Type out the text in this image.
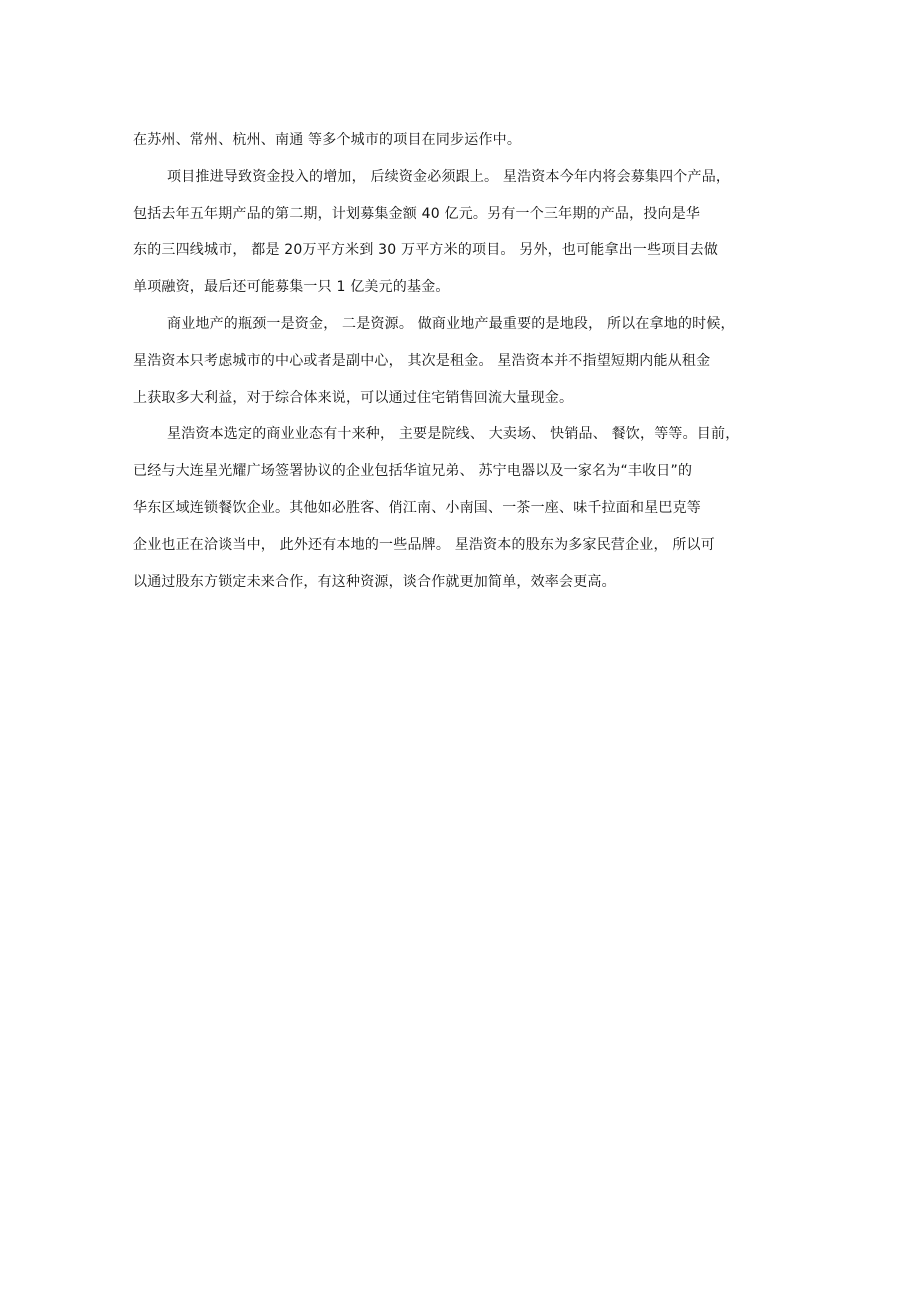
在苏州、常州、杭州、南通 等多个城市的项目在同步运作中。
项目推进导致资金投入的增加， 后续资金必须跟上。 星浩资本今年内将会募集四个产品，
包括去年五年期产品的第二期，计划募集金额 40 亿元。另有一个三年期的产品，投向是华
东的三四线城市， 都是 20万平方米到 30 万平方米的项目。 另外，也可能拿出一些项目去做
单项融资，最后还可能募集一只 1 亿美元的基金。
商业地产的瓶颈一是资金， 二是资源。 做商业地产最重要的是地段， 所以在拿地的时候，
星浩资本只考虑城市的中心或者是副中心， 其次是租金。 星浩资本并不指望短期内能从租金
上获取多大利益，对于综合体来说，可以通过住宅销售回流大量现金。
星浩资本选定的商业业态有十来种， 主要是院线、 大卖场、 快销品、 餐饮，等等。目前，
已经与大连星光耀广场签署协议的企业包括华谊兄弟、 苏宁电器以及一家名为“丰收日”的
华东区域连锁餐饮企业。其他如必胜客、俏江南、小南国、一茶一座、味千拉面和星巴克等
企业也正在洽谈当中， 此外还有本地的一些品牌。 星浩资本的股东为多家民营企业， 所以可
以通过股东方锁定未来合作，有这种资源，谈合作就更加简单，效率会更高。
